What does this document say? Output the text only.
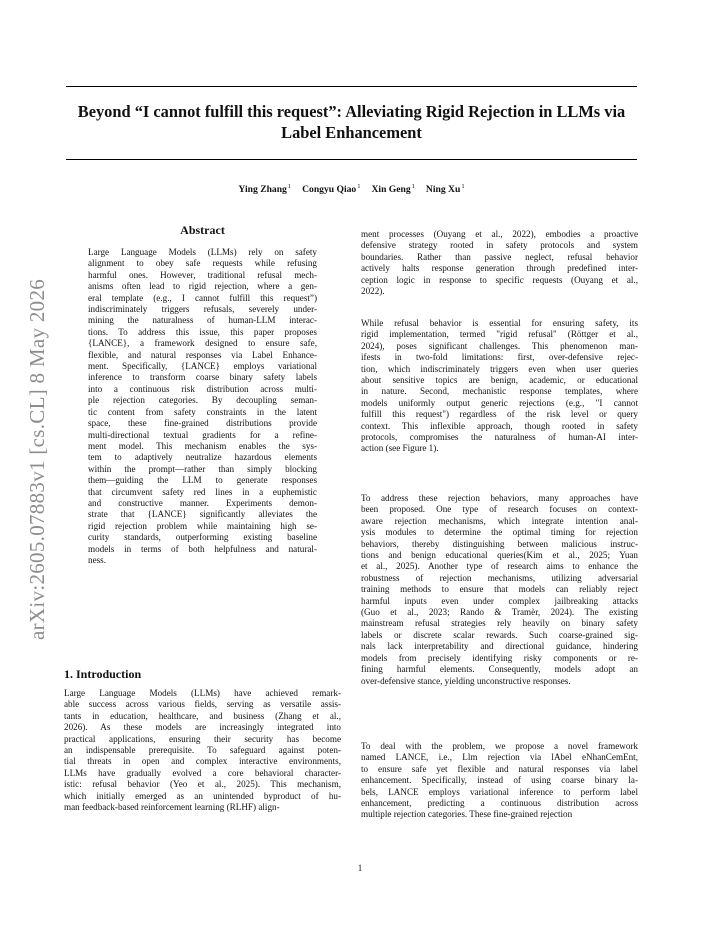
arXiv:2605.07883v1 [cs.CL] 8 May 2026
Beyond “I cannot fulfill this request”: Alleviating Rigid Rejection in LLMs via
Label Enhancement
Ying Zhang$^1$ Congyu Qiao$^1$ Xin Geng$^1$ Ning Xu$^1$
Abstract
Large Language Models (LLMs) rely on safety
alignment to obey safe requests while refusing
harmful ones. However, traditional refusal mech-
anisms often lead to rigid rejection, where a gen-
eral template (e.g., I cannot fulfill this request”)
indiscriminately triggers refusals, severely under-
mining the naturalness of human-LLM interac-
tions. To address this issue, this paper proposes
{LANCE}, a framework designed to ensure safe,
flexible, and natural responses via Label Enhance-
ment. Specifically, {LANCE} employs variational
inference to transform coarse binary safety labels
into a continuous risk distribution across multi-
ple rejection categories. By decoupling seman-
tic content from safety constraints in the latent
space, these fine-grained distributions provide
multi-directional textual gradients for a refine-
ment model. This mechanism enables the sys-
tem to adaptively neutralize hazardous elements
within the prompt—rather than simply blocking
them—guiding the LLM to generate responses
that circumvent safety red lines in a euphemistic
and constructive manner. Experiments demon-
strate that {LANCE} significantly alleviates the
rigid rejection problem while maintaining high se-
curity standards, outperforming existing baseline
models in terms of both helpfulness and natural-
ness.
1. Introduction
Large Language Models (LLMs) have achieved remark-
able success across various fields, serving as versatile assis-
tants in education, healthcare, and business (Zhang et al.,
2026). As these models are increasingly integrated into
practical applications, ensuring their security has become
an indispensable prerequisite. To safeguard against poten-
tial threats in open and complex interactive environments,
LLMs have gradually evolved a core behavioral character-
istic: refusal behavior (Yeo et al., 2025). This mechanism,
which initially emerged as an unintended byproduct of hu-
man feedback-based reinforcement learning (RLHF) align-
ment processes (Ouyang et al., 2022), embodies a proactive
defensive strategy rooted in safety protocols and system
boundaries. Rather than passive neglect, refusal behavior
actively halts response generation through predefined inter-
ception logic in response to specific requests (Ouyang et al.,
2022).
While refusal behavior is essential for ensuring safety, its
rigid implementation, termed "rigid refusal" (Röttger et al.,
2024), poses significant challenges. This phenomenon man-
ifests in two-fold limitations: first, over-defensive rejec-
tion, which indiscriminately triggers even when user queries
about sensitive topics are benign, academic, or educational
in nature. Second, mechanistic response templates, where
models uniformly output generic rejections (e.g., "I cannot
fulfill this request") regardless of the risk level or query
context. This inflexible approach, though rooted in safety
protocols, compromises the naturalness of human-AI inter-
action (see Figure 1).
To address these rejection behaviors, many approaches have
been proposed. One type of research focuses on context-
aware rejection mechanisms, which integrate intention anal-
ysis modules to determine the optimal timing for rejection
behaviors, thereby distinguishing between malicious instruc-
tions and benign educational queries(Kim et al., 2025; Yuan
et al., 2025). Another type of research aims to enhance the
robustness of rejection mechanisms, utilizing adversarial
training methods to ensure that models can reliably reject
harmful inputs even under complex jailbreaking attacks
(Guo et al., 2023; Rando & Tramèr, 2024). The existing
mainstream refusal strategies rely heavily on binary safety
labels or discrete scalar rewards. Such coarse-grained sig-
nals lack interpretability and directional guidance, hindering
models from precisely identifying risky components or re-
fining harmful elements. Consequently, models adopt an
over-defensive stance, yielding unconstructive responses.
To deal with the problem, we propose a novel framework
named LANCE, i.e., Llm rejection via lAbel eNhanCemEnt,
to ensure safe yet flexible and natural responses via label
enhancement. Specifically, instead of using coarse binary la-
bels, LANCE employs variational inference to perform label
enhancement, predicting a continuous distribution across
multiple rejection categories. These fine-grained rejection
1
